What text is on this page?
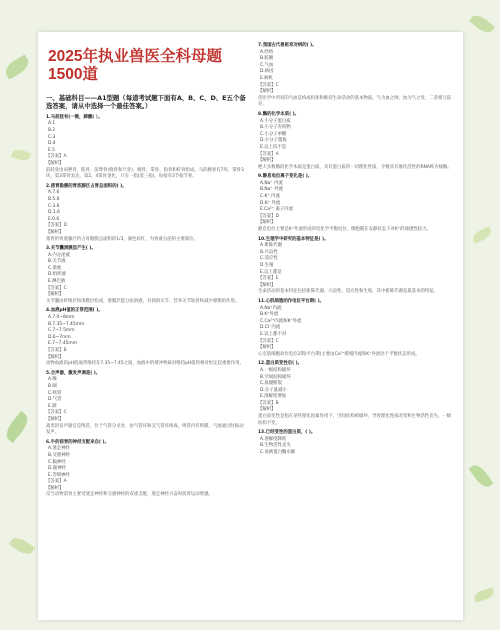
2025年执业兽医全科母题1500道
一、基础科目——A1型题（每道考试题下面有A、B、C、D、E五个备选答案，请从中选择一个最佳答案。）
1.马前肢有(一微，蹄髁( ）。
A.1
B.2
C.3
D.4
E.5
【答案】A
【解析】
前肢骨由肩胛骨、肱骨、前臂骨(桡骨和尺骨)、腕骨、掌骨、指骨和籽骨组成。马的腕骨有7块，掌骨3块，第3掌骨发达，第2、4掌骨退化，只有一指(第三指)，每指有3节指节骨。
2.猪胃黏膜的胃底腺区占胃总面积的( )。
A.7.6
B.5.6
C.3.6
D.1.6
E.0.6
【答案】D
【解析】
猪胃的胃底腺区约占胃黏膜总面积的1/3，颜色棕红，为胃液分泌的主要部位。
3.关节囊滑膜层产生( )。
A.内分泌液
B.关节液
C.滑液
D.组织液
E.淋巴液
【答案】C
【解析】
关节囊由纤维层和滑膜层构成，滑膜层能分泌滑液，有润滑关节、营养关节软骨和减少摩擦的作用。
4.血液pH值的正常范围( )。
A.7.0~8mm
B.7.35~7.45mm
C.7~7.5mm
D.6~7mm
E.7~7.45mm
【答案】B
【解析】
动物血液的pH值通常维持在7.35~7.45之间，血液中的缓冲物质对维持pH值的相对恒定起重要作用。
5.合声器，激发声调是( )。
A.喉
B.咽
C.鸣管
D.气管
E.肺
【答案】C
【解析】
禽类的发声器官是鸣管，位于气管分叉处，由气管环和支气管环组成，鸣管内有鸣膜，气流通过时振动发声。
6.牛的前胃的神经支配来自( )。
A.迷走神经
B.交感神经
C.膈神经
D.副神经
E.舌咽神经
【答案】A
【解析】
反刍动物前胃主要受迷走神经和交感神经的双重支配，迷走神经兴奋时前胃运动增强。
7.我国古代兽医家对病的( )。
A.经络
B.脏腑
C.气血
D.病因
E.病机
【答案】C
【解析】
兽医学中所说的气血是构成机体和维持生命活动的基本物质，气为血之帅，血为气之母，二者相互依存。
8.酶的化学本质( )。
A.小分子蛋白质
B.小分子有机物
C.小分子单糖
D.小分子脂质
E.以上均不是
【答案】A
【解析】
绝大多数酶的化学本质是蛋白质，具有蛋白质的一切理化性质，少数具有催化活性的RNA称为核酶。
9.静息电位离子变化是( )。
A.Na⁺ 内流
B.Na⁺ 外流
C.K⁺ 内流
D.K⁺ 外流
E.Ca²⁺ 离子内流
【答案】D
【解析】
静息电位主要是K⁺外流形成的电化学平衡电位，细胞膜在安静状态下对K⁺的通透性较大。
10.生理学中研究的基本特征是( )。
A.新陈代谢
B.兴奋性
C.适应性
D.生殖
E.以上都是
【答案】E
【解析】
生命活动的基本特征包括新陈代谢、兴奋性、适应性和生殖，其中新陈代谢是最基本的特征。
11.心肌细胞动作电位平台期( )。
A.Na⁺内流
B.K⁺外流
C.Ca²⁺内流和K⁺外流
D.Cl⁻内流
E.以上都不对
【答案】C
【解析】
心室肌细胞动作电位2期(平台期)主要由Ca²⁺缓慢内流和K⁺外流处于平衡状态形成。
12.蛋白质变性后( )。
A.一级结构破坏
B.空间结构破坏
C.肽键断裂
D.分子量减小
E.溶解度增加
【答案】B
【解析】
蛋白质变性是指在某些理化因素作用下，空间结构被破坏，导致理化性质改变和生物活性丧失，一级结构不变。
13.已经变性的蛋白质，( )。
A.溶解度降低
B.生物活性丧失
C.易被蛋白酶水解
